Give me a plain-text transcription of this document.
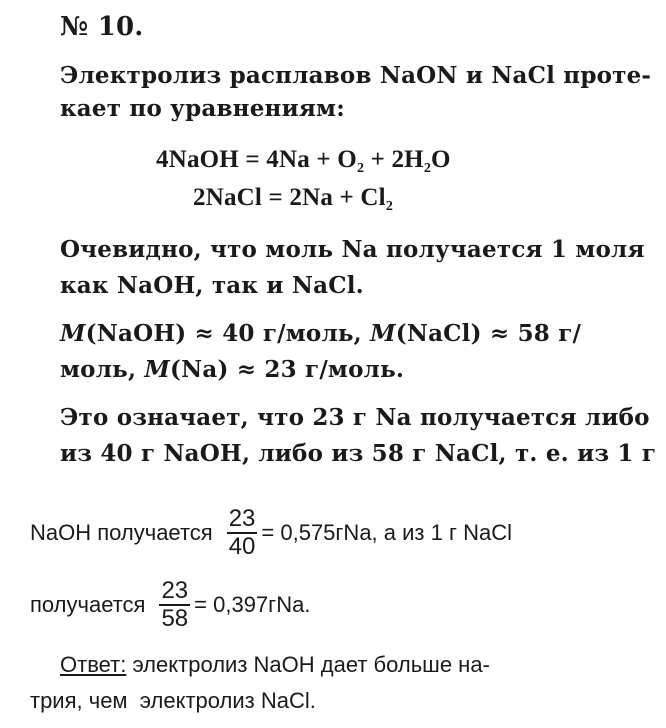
№ 10.
Электролиз расплавов NaON и NaCl проте-
кает по уравнениям:
4NaOH = $4Na + O_2 + 2H_2O$
2NaCl = $2Na + Cl_2$
Очевидно, что моль Na получается 1 моля
как NaOH, так и NaCl.
M(NaOH) ≈ 40 г/моль, M(NaCl) ≈ 58 г/
моль, M(Na) ≈ 23 г/моль.
Это означает, что 23 г Na получается либо
из 40 г NaOH, либо из 58 г NaCl, т. е. из 1 г
NaOH получается $\frac{23}{40} = 0,575гNa$, а из 1 г NaCl
получается $\frac{23}{58} = 0,397гNa$.
Ответ: электролиз NaOH дает больше на-
трия, чем  электролиз NaCl.
